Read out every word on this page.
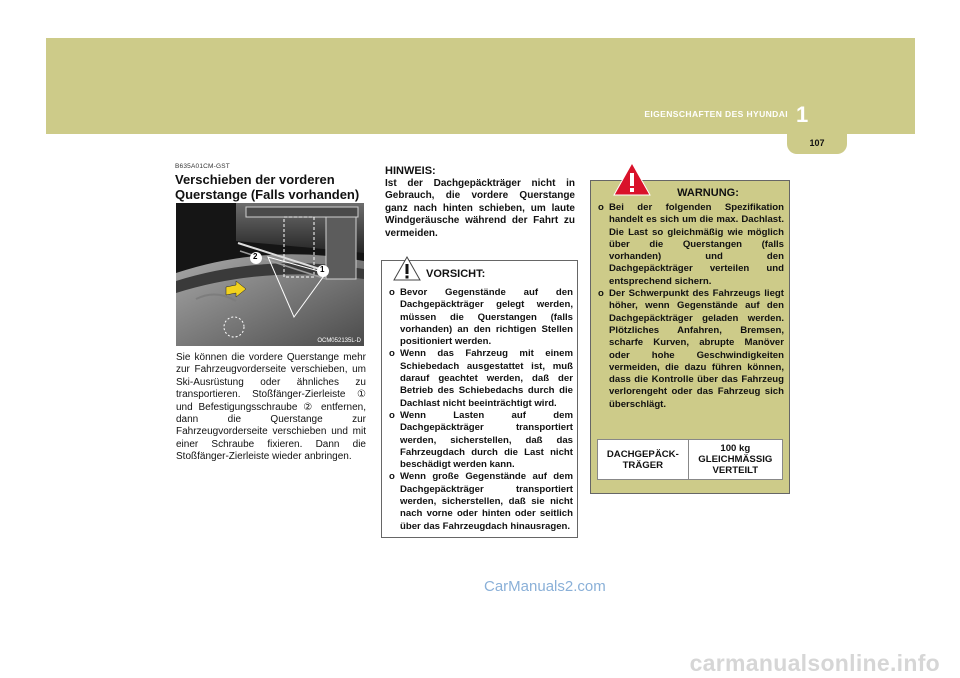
1
EIGENSCHAFTEN DES HYUNDAI
107
B635A01CM-GST
Verschieben der vorderen Querstange (Falls vorhanden)
1
2
OCM052135L-D
Sie können die vordere Querstange mehr zur Fahrzeugvorderseite verschieben, um Ski-Ausrüstung oder ähnliches zu transportieren. Stoßfänger-Zierleiste ① und Befestigungsschraube ② entfernen, dann die Querstange zur Fahrzeugvorderseite verschieben und mit einer Schraube fixieren. Dann die Stoßfänger-Zierleiste wieder anbringen.
HINWEIS:
Ist der Dachgepäckträger nicht in Gebrauch, die vordere Querstange ganz nach hinten schieben, um laute Windgeräusche während der Fahrt zu vermeiden.
VORSICHT:
o Bevor Gegenstände auf den Dachgepäckträger gelegt werden, müssen die Querstangen (falls vorhanden) an den richtigen Stellen positioniert werden.
o Wenn das Fahrzeug mit einem Schiebedach ausgestattet ist, muß darauf geachtet werden, daß der Betrieb des Schiebedachs durch die Dachlast nicht beeinträchtigt wird.
o Wenn Lasten auf dem Dachgepäckträger transportiert werden, sicherstellen, daß das Fahrzeugdach durch die Last nicht beschädigt werden kann.
o Wenn große Gegenstände auf dem Dachgepäckträger transportiert werden, sicherstellen, daß sie nicht nach vorne oder hinten oder seitlich über das Fahrzeugdach hinausragen.
WARNUNG:
o Bei der folgenden Spezifikation handelt es sich um die max. Dachlast. Die Last so gleichmäßig wie möglich über die Querstangen (falls vorhanden) und den Dachgepäckträger verteilen und entsprechend sichern.
o Der Schwerpunkt des Fahrzeugs liegt höher, wenn Gegenstände auf den Dachgepäckträger geladen werden. Plötzliches Anfahren, Bremsen, scharfe Kurven, abrupte Manöver oder hohe Geschwindigkeiten vermeiden, die dazu führen können, dass die Kontrolle über das Fahrzeug verlorengeht oder das Fahrzeug sich überschlägt.
DACHGEPÄCK-TRÄGER	100 kg GLEICHMÄSSIG VERTEILT
CarManuals2.com
carmanualsonline.info
